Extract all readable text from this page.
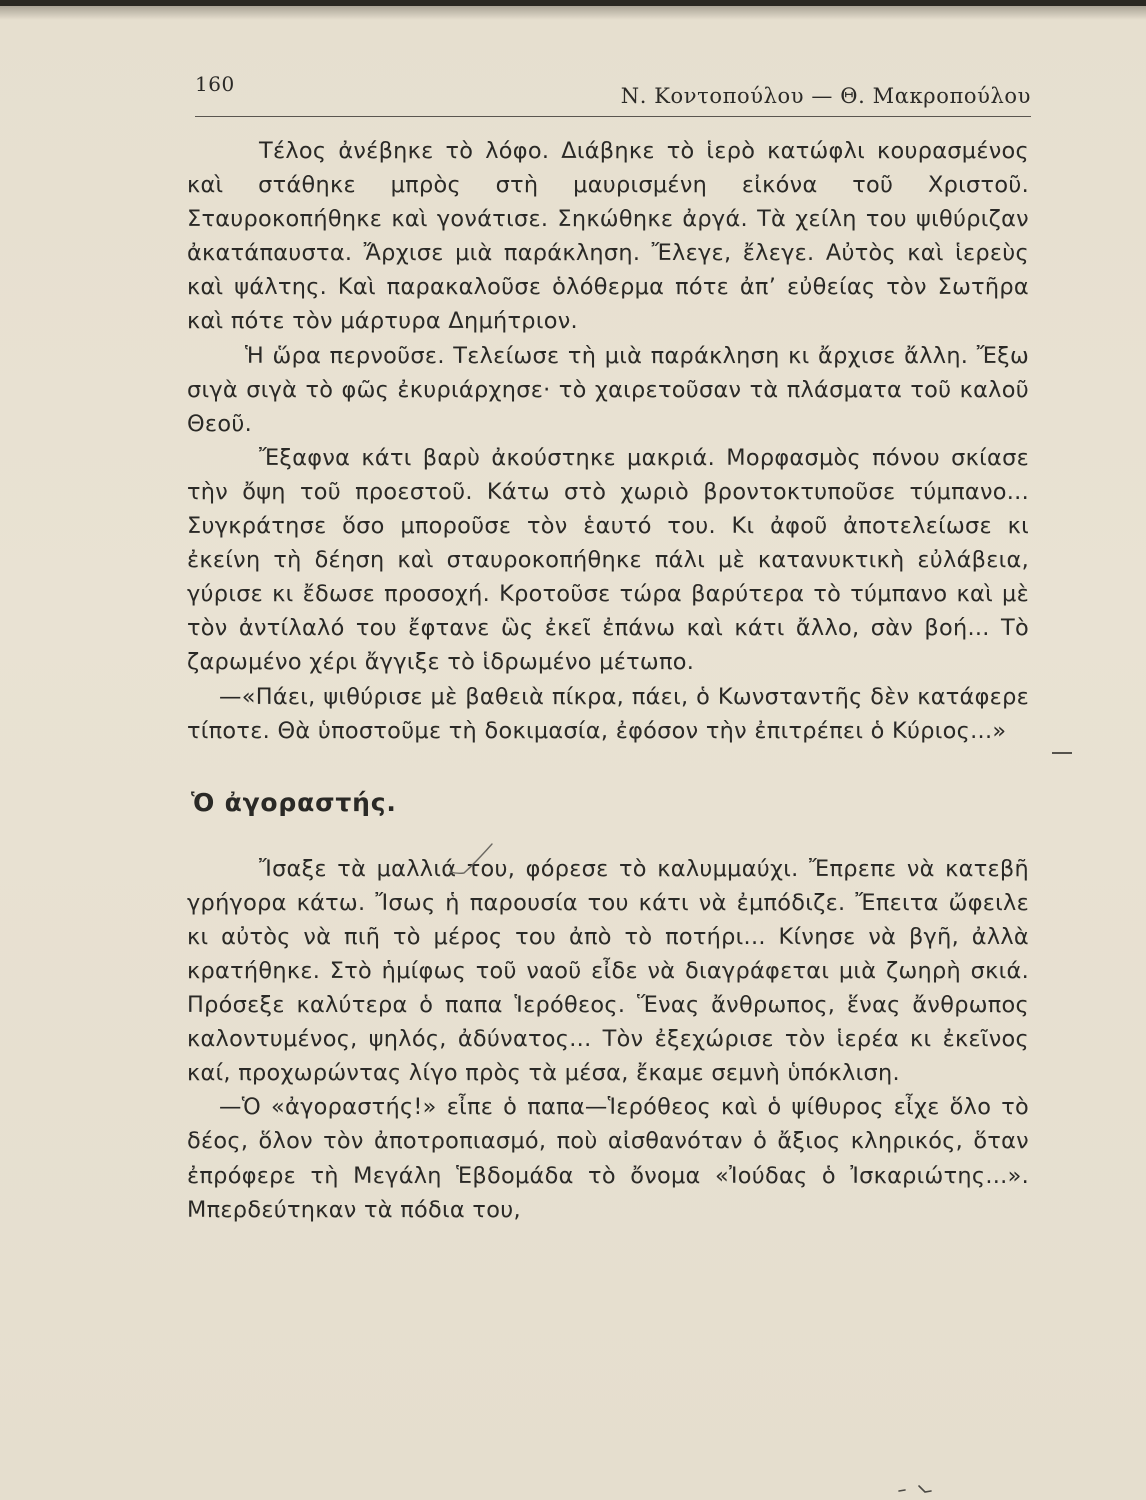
160	Ν. Κοντοπούλου — Θ. Μακροπούλου

Τέλος ἀνέβηκε τὸ λόφο. Διάβηκε τὸ ἱερὸ κατώφλι κουρασμένος καὶ στάθηκε μπρὸς στὴ μαυρισμένη εἰκόνα τοῦ Χριστοῦ. Σταυροκοπήθηκε καὶ γονάτισε. Σηκώθηκε ἀργά. Τὰ χείλη του ψιθύριζαν ἀκατάπαυστα. Ἄρχισε μιὰ παράκληση. Ἔλεγε, ἔλεγε. Αὐτὸς καὶ ἱερεὺς καὶ ψάλτης. Καὶ παρακαλοῦσε ὁλόθερμα πότε ἀπ’ εὐθείας τὸν Σωτῆρα καὶ πότε τὸν μάρτυρα Δημήτριον.

Ἡ ὥρα περνοῦσε. Τελείωσε τὴ μιὰ παράκληση κι ἄρχισε ἄλλη. Ἔξω σιγὰ σιγὰ τὸ φῶς ἐκυριάρχησε· τὸ χαιρετοῦσαν τὰ πλάσματα τοῦ καλοῦ Θεοῦ.

Ἔξαφνα κάτι βαρὺ ἀκούστηκε μακριά. Μορφασμὸς πόνου σκίασε τὴν ὄψη τοῦ προεστοῦ. Κάτω στὸ χωριὸ βροντοκτυποῦσε τύμπανο... Συγκράτησε ὅσο μποροῦσε τὸν ἑαυτό του. Κι ἀφοῦ ἀποτελείωσε κι ἐκείνη τὴ δέηση καὶ σταυροκοπήθηκε πάλι μὲ κατανυκτικὴ εὐλάβεια, γύρισε κι ἔδωσε προσοχή. Κροτοῦσε τώρα βαρύτερα τὸ τύμπανο καὶ μὲ τὸν ἀντίλαλό του ἔφτανε ὣς ἐκεῖ ἐπάνω καὶ κάτι ἄλλο, σὰν βοή... Τὸ ζαρωμένο χέρι ἄγγιξε τὸ ἱδρωμένο μέτωπο.

—«Πάει, ψιθύρισε μὲ βαθειὰ πίκρα, πάει, ὁ Κωνσταντῆς δὲν κατάφερε τίποτε. Θὰ ὑποστοῦμε τὴ δοκιμασία, ἐφόσον τὴν ἐπιτρέπει ὁ Κύριος...»

Ὁ ἀγοραστής.

Ἴσαξε τὰ μαλλιά του, φόρεσε τὸ καλυμμαύχι. Ἔπρεπε νὰ κατεβῆ γρήγορα κάτω. Ἴσως ἡ παρουσία του κάτι νὰ ἐμπόδιζε. Ἔπειτα ὤφειλε κι αὐτὸς νὰ πιῆ τὸ μέρος του ἀπὸ τὸ ποτήρι... Κίνησε νὰ βγῆ, ἀλλὰ κρατήθηκε. Στὸ ἡμίφως τοῦ ναοῦ εἶδε νὰ διαγράφεται μιὰ ζωηρὴ σκιά. Πρόσεξε καλύτερα ὁ παπα Ἱερόθεος. Ἕνας ἄνθρωπος, ἕνας ἄνθρωπος καλοντυμένος, ψηλός, ἀδύνατος... Τὸν ἐξεχώρισε τὸν ἱερέα κι ἐκεῖνος καί, προχωρώντας λίγο πρὸς τὰ μέσα, ἔκαμε σεμνὴ ὑπόκλιση.

—Ὁ «ἀγοραστής!» εἶπε ὁ παπα—Ἱερόθεος καὶ ὁ ψίθυρος εἶχε ὅλο τὸ δέος, ὅλον τὸν ἀποτροπιασμό, ποὺ αἰσθανόταν ὁ ἄξιος κληρικός, ὅταν ἐπρόφερε τὴ Μεγάλη Ἑβδομάδα τὸ ὄνομα «Ἰούδας ὁ Ἰσκαριώτης...». Μπερδεύτηκαν τὰ πόδια του,
